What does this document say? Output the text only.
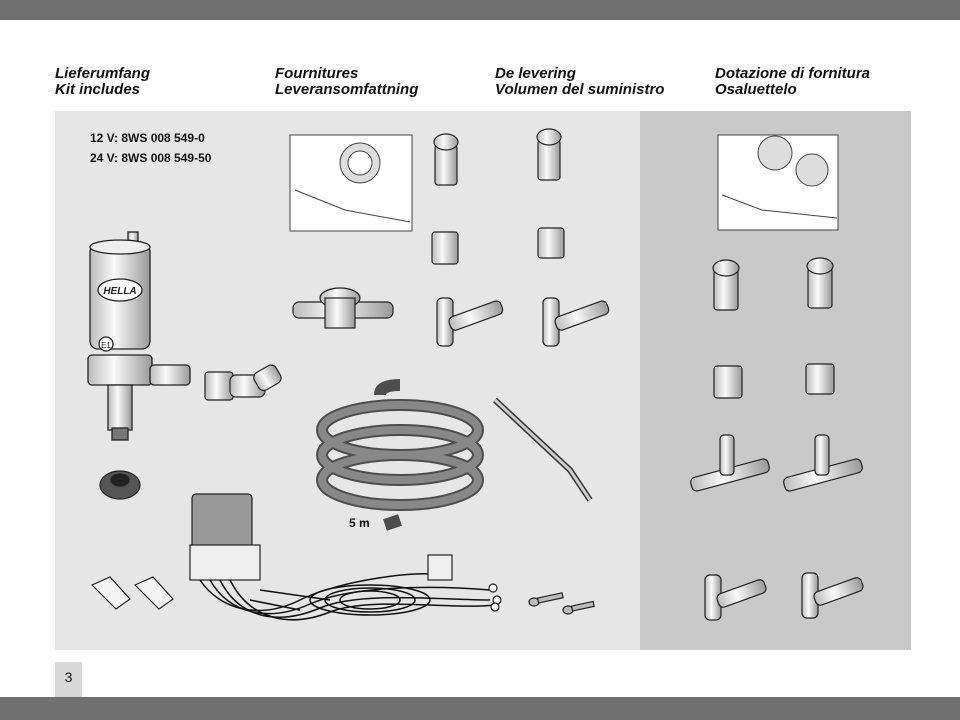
Lieferumfang
Kit includes
Fournitures
Leveransomfattning
De levering
Volumen del suministro
Dotazione di fornitura
Osaluettelo
12 V: 8WS 008 549-0
24 V: 8WS 008 549-50
HELLA
E1
5 m
3
